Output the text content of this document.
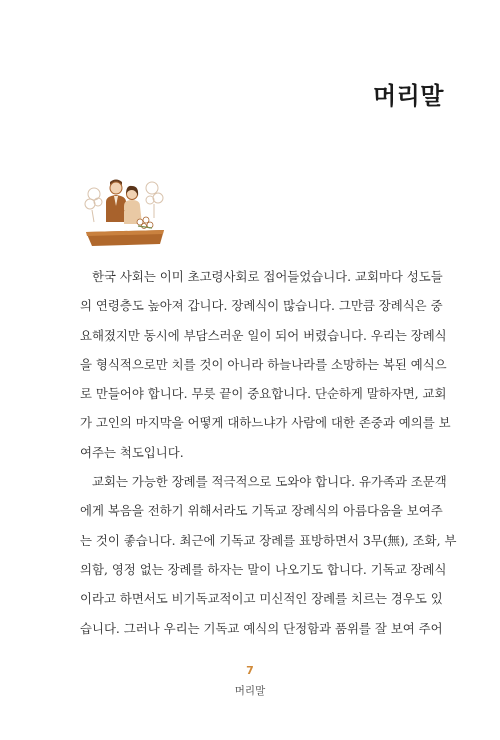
머리말

한국 사회는 이미 초고령사회로 접어들었습니다. 교회마다 성도들

의 연령층도 높아져 갑니다. 장례식이 많습니다. 그만큼 장례식은 중

요해졌지만 동시에 부담스러운 일이 되어 버렸습니다. 우리는 장례식

을 형식적으로만 치를 것이 아니라 하늘나라를 소망하는 복된 예식으

로 만들어야 합니다. 무릇 끝이 중요합니다. 단순하게 말하자면, 교회

가 고인의 마지막을 어떻게 대하느냐가 사람에 대한 존중과 예의를 보

여주는 척도입니다.

교회는 가능한 장례를 적극적으로 도와야 합니다. 유가족과 조문객

에게 복음을 전하기 위해서라도 기독교 장례식의 아름다움을 보여주

는 것이 좋습니다. 최근에 기독교 장례를 표방하면서 3무(無), 조화, 부

의함, 영정 없는 장례를 하자는 말이 나오기도 합니다. 기독교 장례식

이라고 하면서도 비기독교적이고 미신적인 장례를 치르는 경우도 있

습니다. 그러나 우리는 기독교 예식의 단정함과 품위를 잘 보여 주어

7
머리말
